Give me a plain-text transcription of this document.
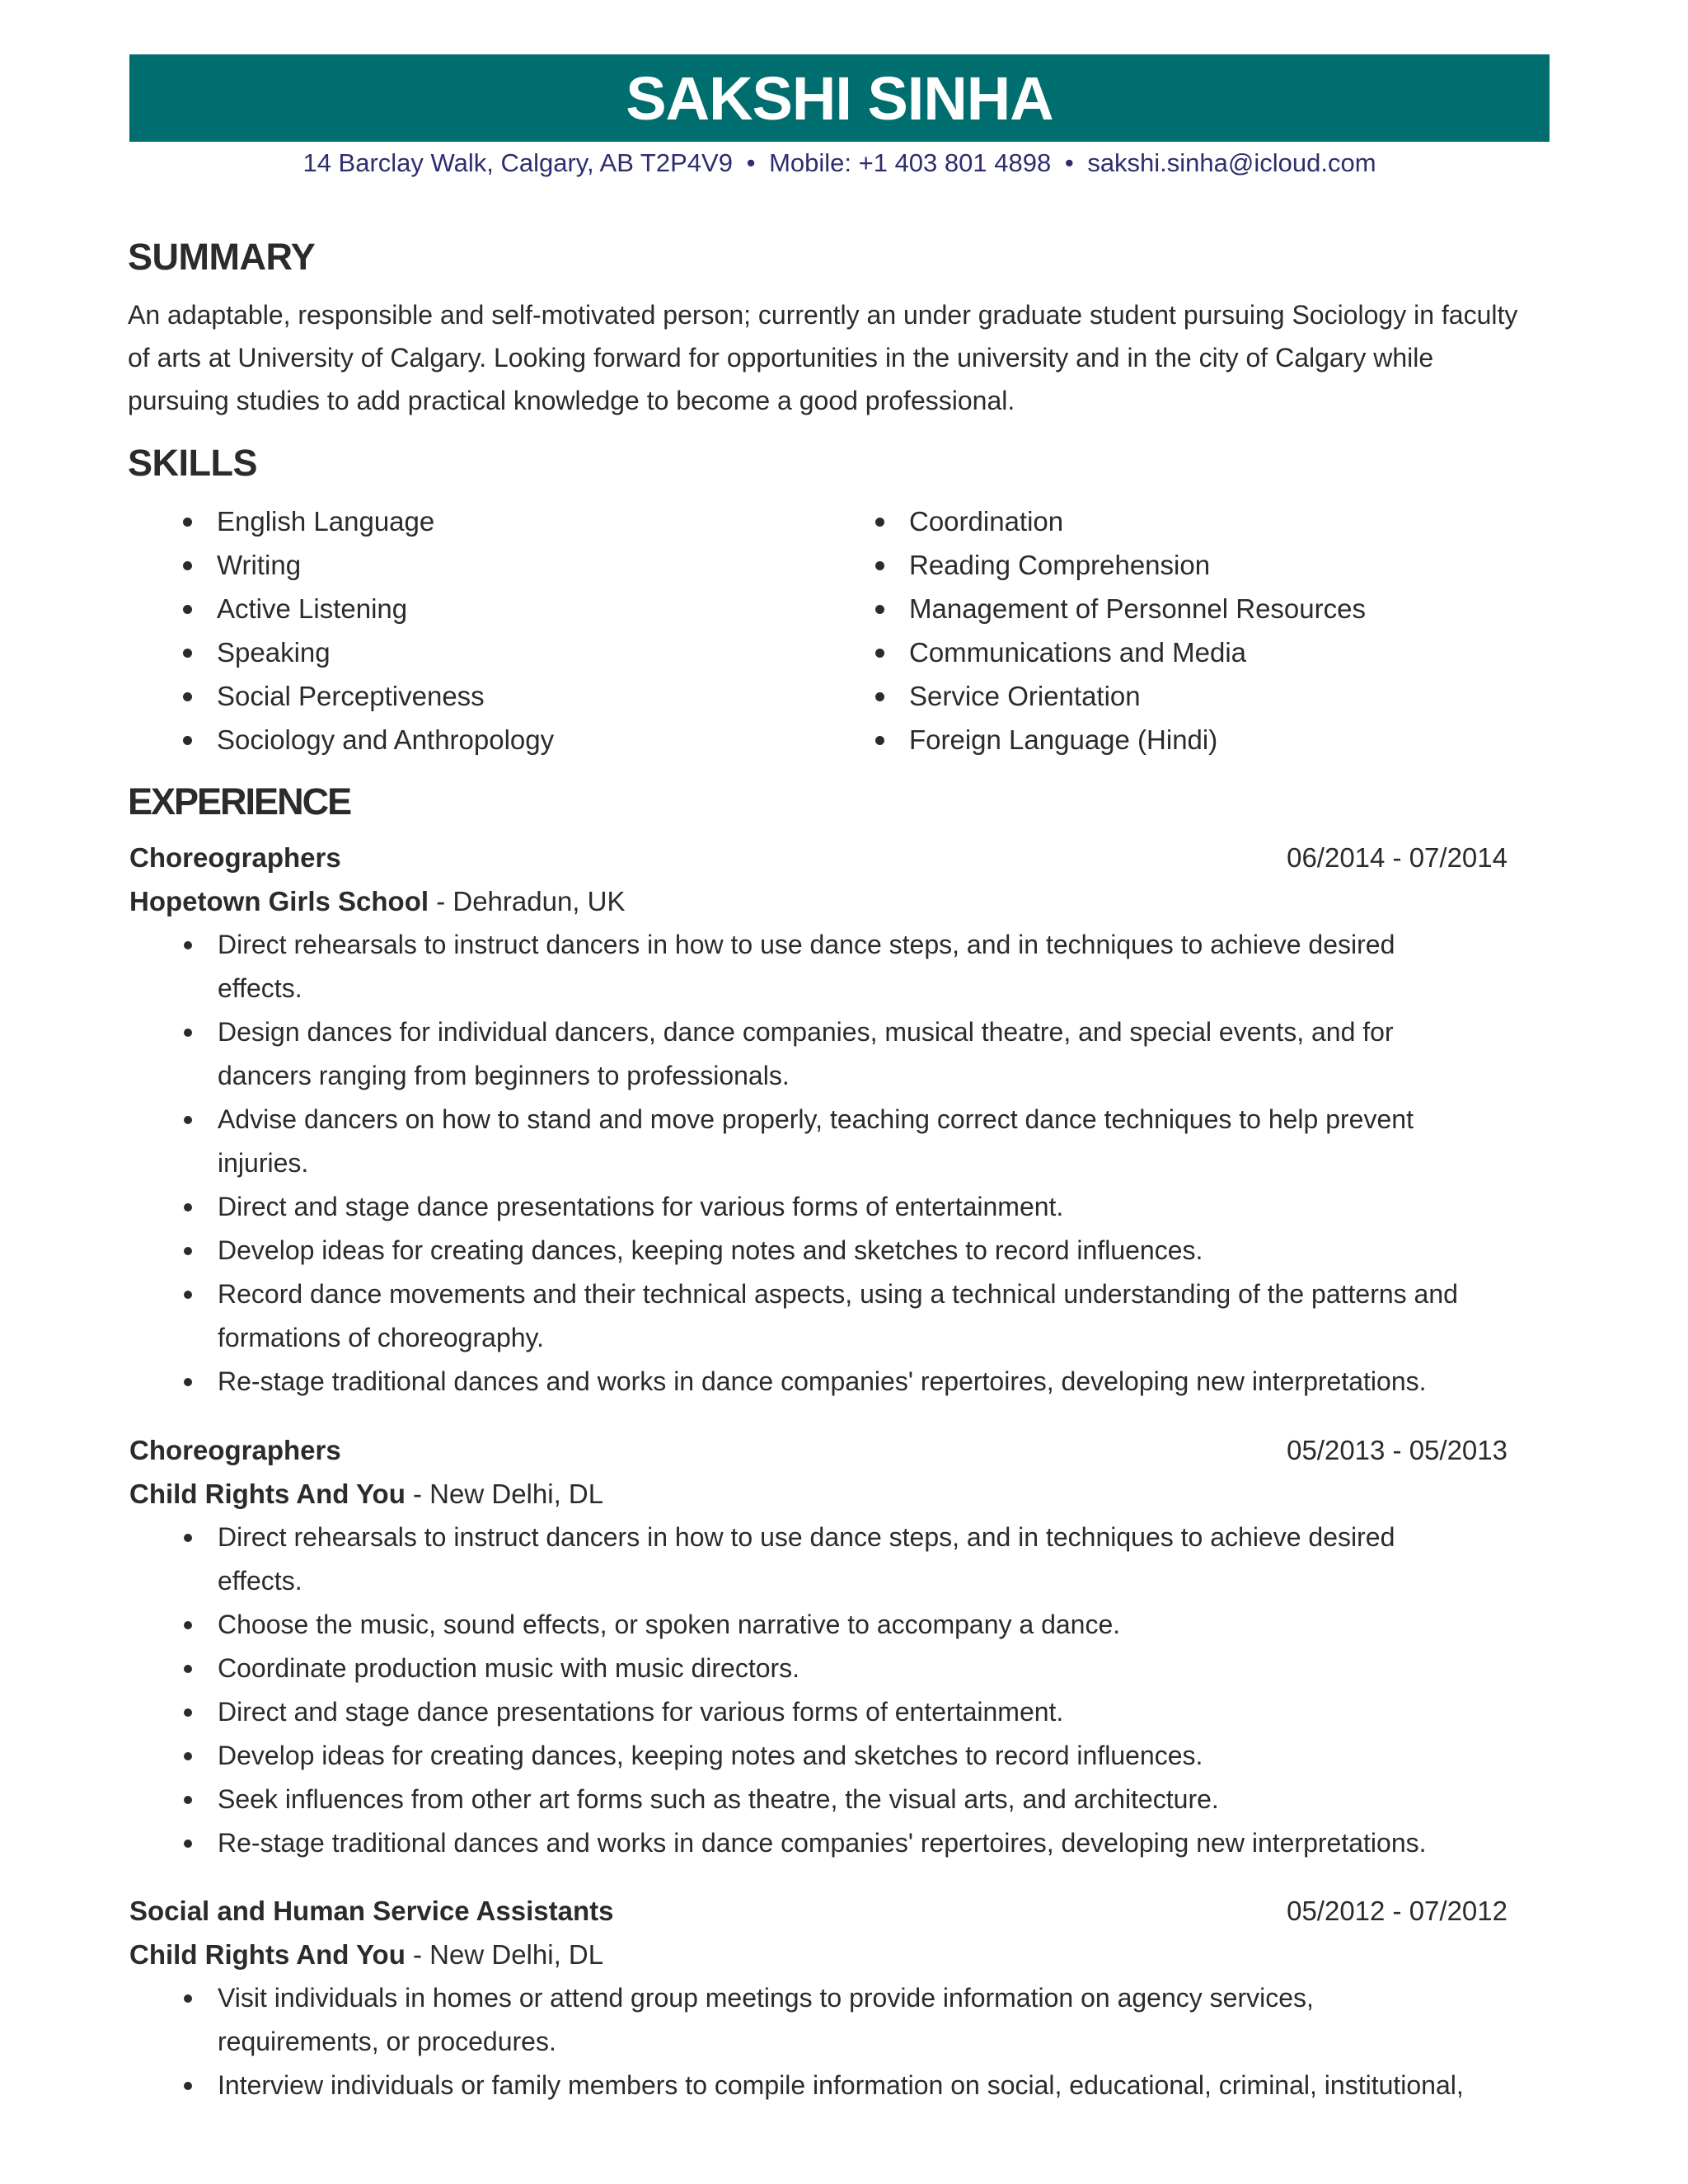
SAKSHI SINHA
14 Barclay Walk, Calgary, AB T2P4V9 • Mobile: +1 403 801 4898 • sakshi.sinha@icloud.com
SUMMARY

An adaptable, responsible and self-motivated person; currently an under graduate student pursuing Sociology in faculty of arts at University of Calgary. Looking forward for opportunities in the university and in the city of Calgary while pursuing studies to add practical knowledge to become a good professional.

SKILLS
English Language
Writing
Active Listening
Speaking
Social Perceptiveness
Sociology and Anthropology
Coordination
Reading Comprehension
Management of Personnel Resources
Communications and Media
Service Orientation
Foreign Language (Hindi)
EXPERIENCE
Choreographers	06/2014 - 07/2014
Hopetown Girls School - Dehradun, UK
Direct rehearsals to instruct dancers in how to use dance steps, and in techniques to achieve desired effects.
Design dances for individual dancers, dance companies, musical theatre, and special events, and for dancers ranging from beginners to professionals.
Advise dancers on how to stand and move properly, teaching correct dance techniques to help prevent injuries.
Direct and stage dance presentations for various forms of entertainment.
Develop ideas for creating dances, keeping notes and sketches to record influences.
Record dance movements and their technical aspects, using a technical understanding of the patterns and formations of choreography.
Re-stage traditional dances and works in dance companies' repertoires, developing new interpretations.
Choreographers	05/2013 - 05/2013
Child Rights And You - New Delhi, DL
Direct rehearsals to instruct dancers in how to use dance steps, and in techniques to achieve desired effects.
Choose the music, sound effects, or spoken narrative to accompany a dance.
Coordinate production music with music directors.
Direct and stage dance presentations for various forms of entertainment.
Develop ideas for creating dances, keeping notes and sketches to record influences.
Seek influences from other art forms such as theatre, the visual arts, and architecture.
Re-stage traditional dances and works in dance companies' repertoires, developing new interpretations.
Social and Human Service Assistants	05/2012 - 07/2012
Child Rights And You - New Delhi, DL
Visit individuals in homes or attend group meetings to provide information on agency services, requirements, or procedures.
Interview individuals or family members to compile information on social, educational, criminal, institutional,
